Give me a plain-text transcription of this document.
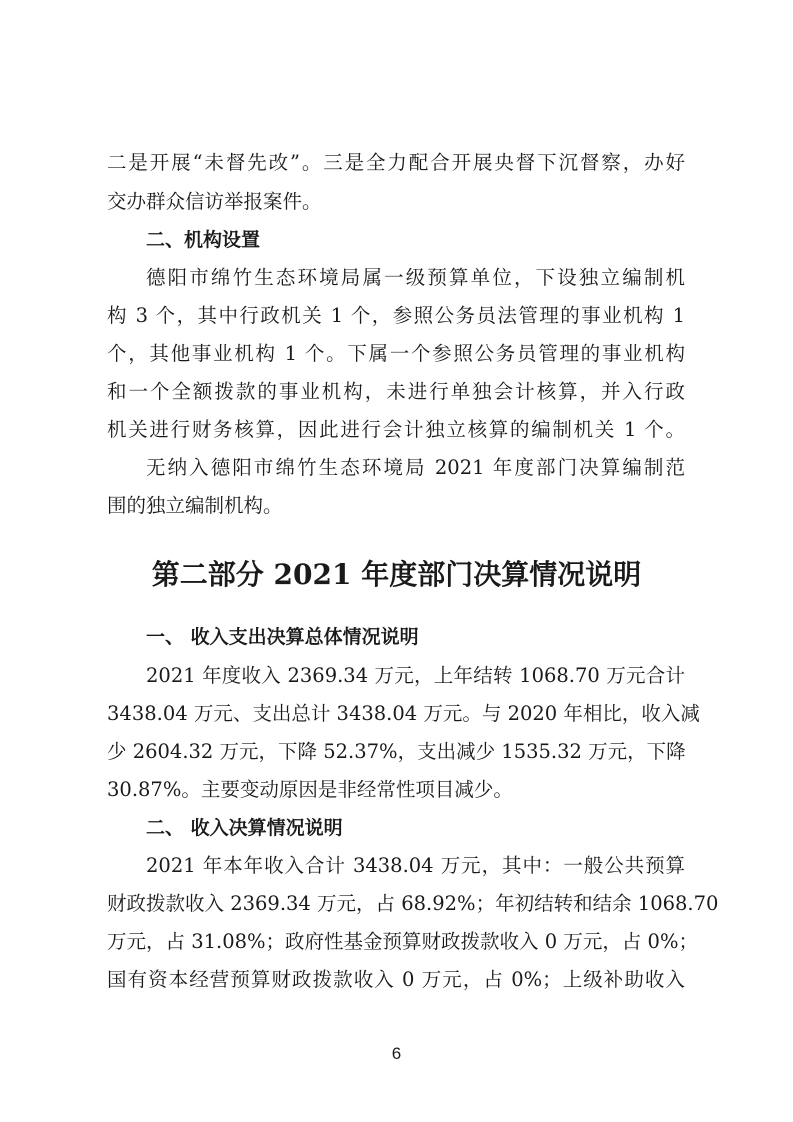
二是开展“未督先改”。三是全力配合开展央督下沉督察，办好
交办群众信访举报案件。
二、机构设置
德阳市绵竹生态环境局属一级预算单位，下设独立编制机
构 3 个，其中行政机关 1 个，参照公务员法管理的事业机构 1
个，其他事业机构 1 个。下属一个参照公务员管理的事业机构
和一个全额拨款的事业机构，未进行单独会计核算，并入行政
机关进行财务核算，因此进行会计独立核算的编制机关 1 个。
无纳入德阳市绵竹生态环境局 2021 年度部门决算编制范
围的独立编制机构。
第二部分 2021 年度部门决算情况说明
一、 收入支出决算总体情况说明
2021 年度收入 2369.34 万元，上年结转 1068.70 万元合计
3438.04 万元、支出总计 3438.04 万元。与 2020 年相比，收入减
少 2604.32 万元，下降 52.37%，支出减少 1535.32 万元，下降
30.87%。主要变动原因是非经常性项目减少。
二、 收入决算情况说明
2021 年本年收入合计 3438.04 万元，其中：一般公共预算
财政拨款收入 2369.34 万元，占 68.92%；年初结转和结余 1068.70
万元，占 31.08%；政府性基金预算财政拨款收入 0 万元，占 0%；
国有资本经营预算财政拨款收入 0 万元，占 0%；上级补助收入
6
